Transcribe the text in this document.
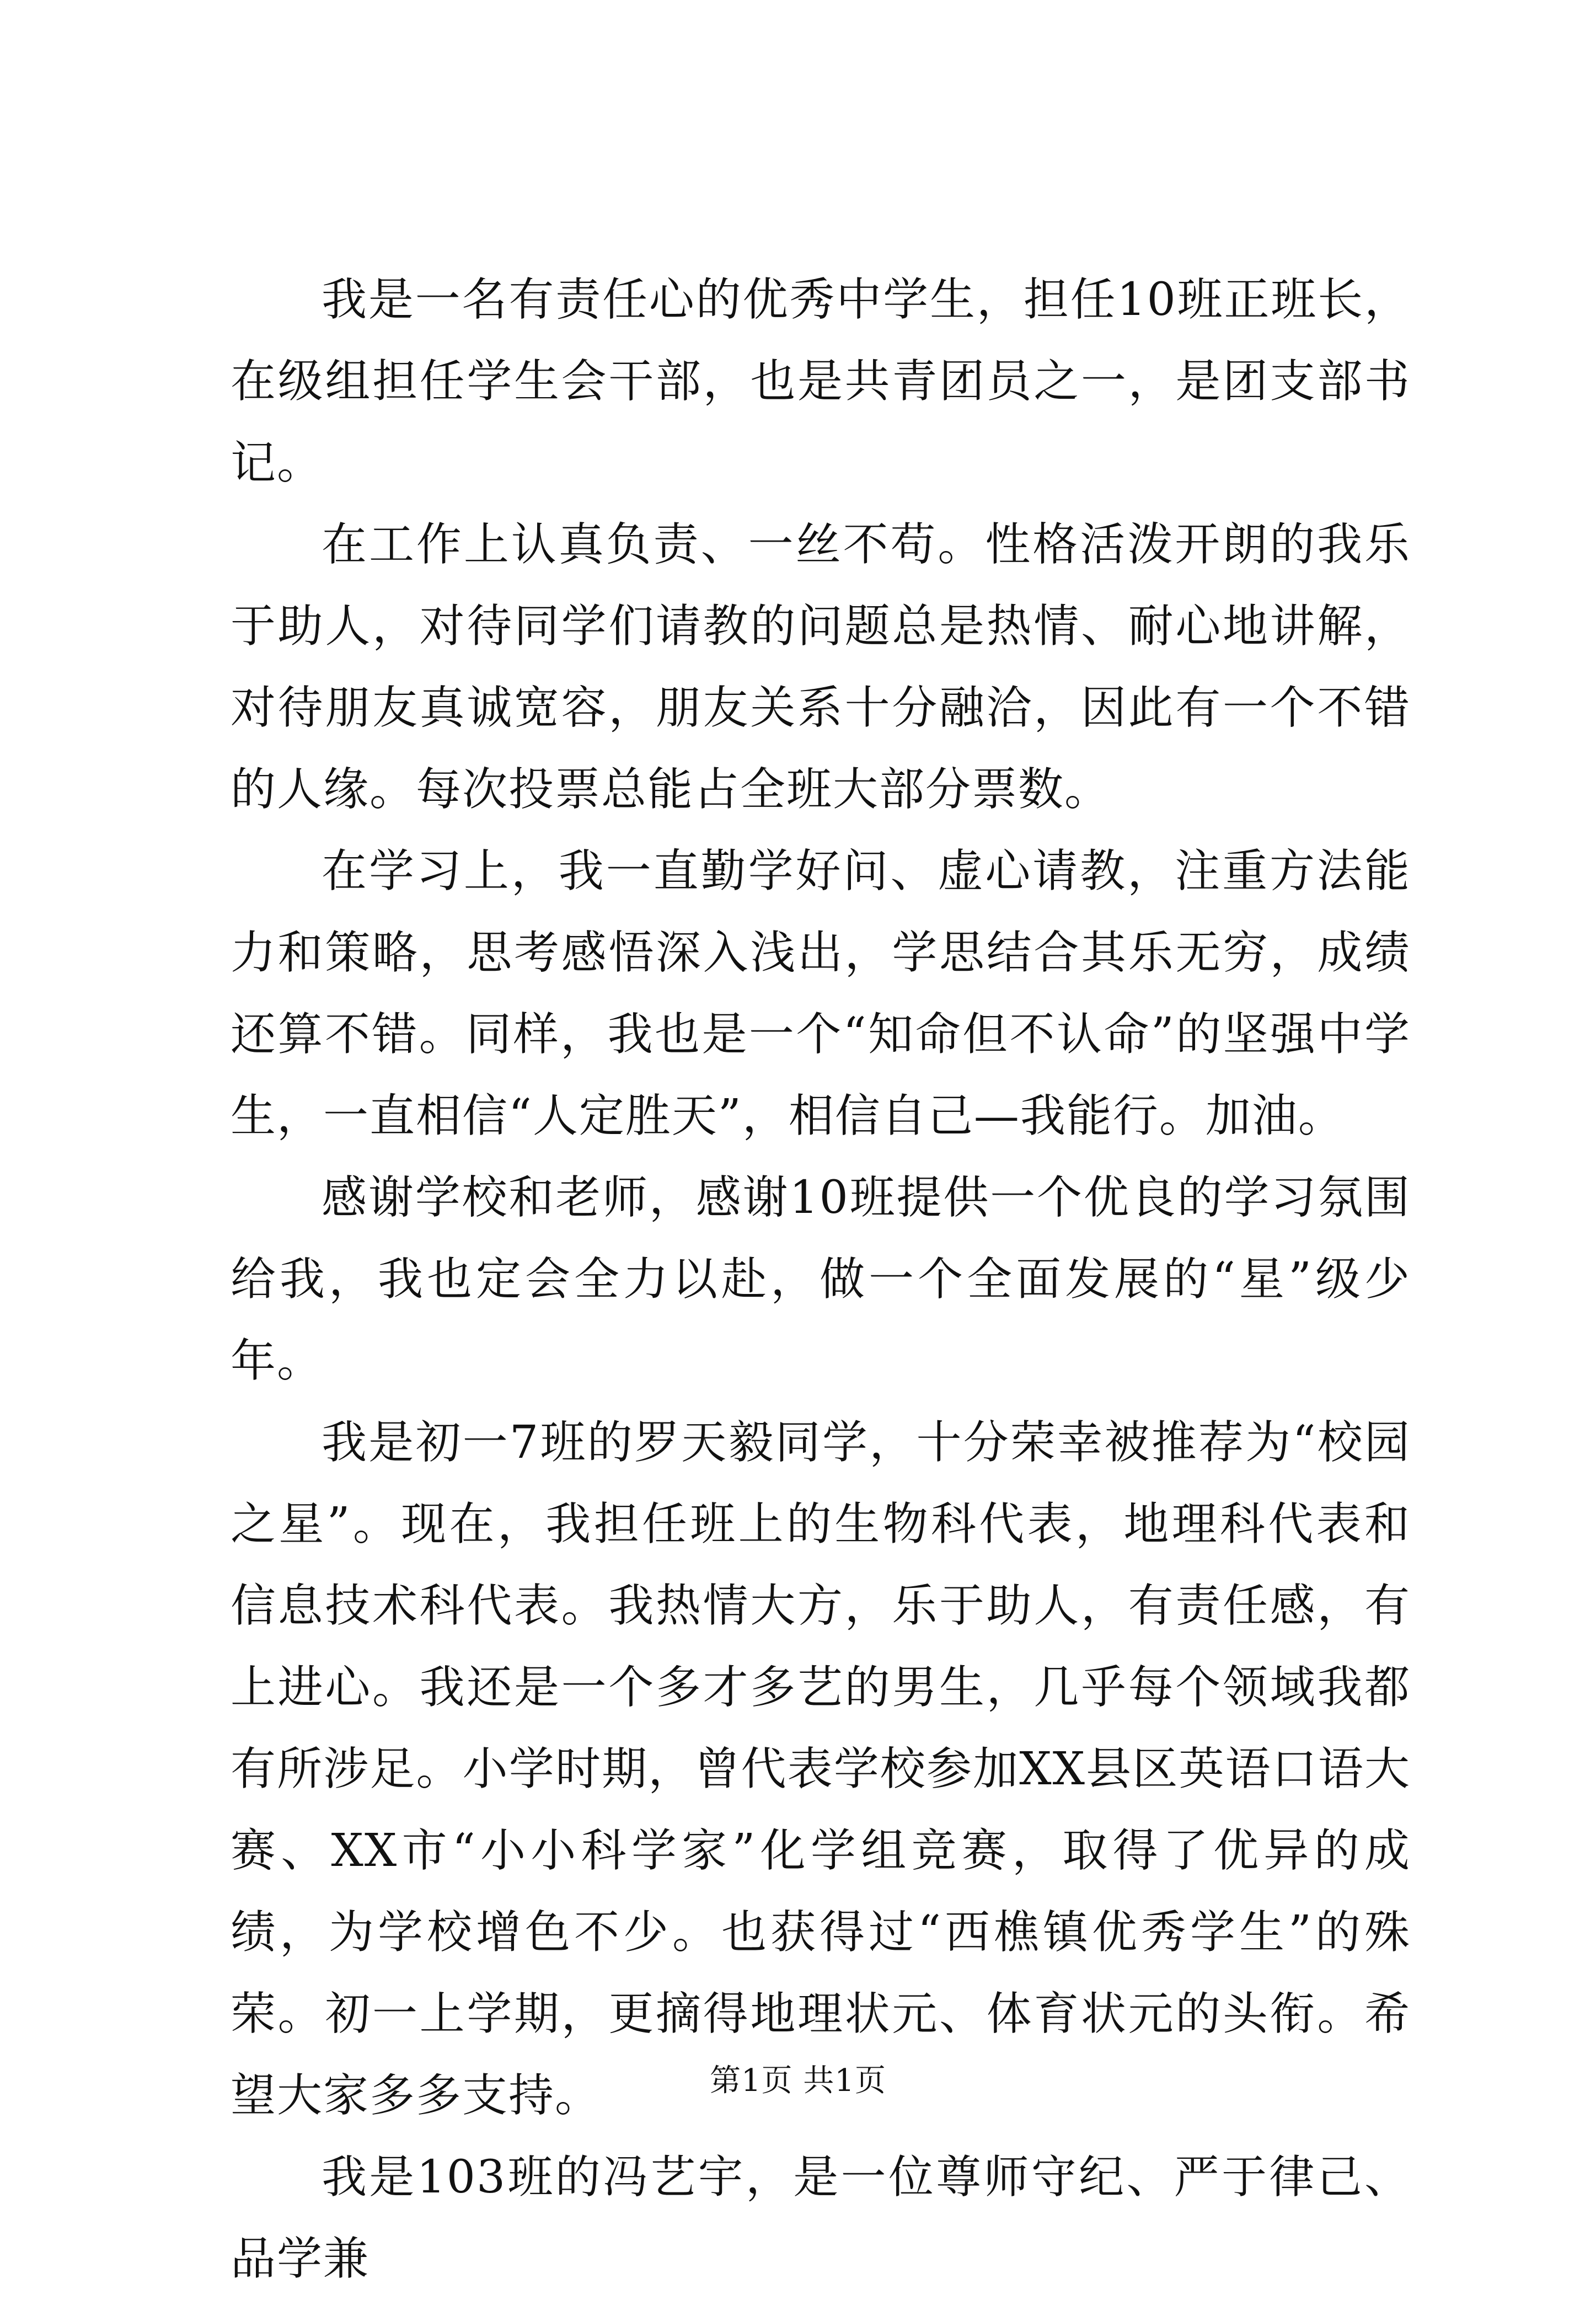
我是一名有责任心的优秀中学生，担任10班正班长，在级组担任学生会干部，也是共青团员之一，是团支部书记。

在工作上认真负责、一丝不苟。性格活泼开朗的我乐于助人，对待同学们请教的问题总是热情、耐心地讲解，对待朋友真诚宽容，朋友关系十分融洽，因此有一个不错的人缘。每次投票总能占全班大部分票数。

在学习上，我一直勤学好问、虚心请教，注重方法能力和策略，思考感悟深入浅出，学思结合其乐无穷，成绩还算不错。同样，我也是一个“知命但不认命”的坚强中学生，一直相信“人定胜天”，相信自己—我能行。加油。

感谢学校和老师，感谢10班提供一个优良的学习氛围给我，我也定会全力以赴，做一个全面发展的“星”级少年。

我是初一7班的罗天毅同学，十分荣幸被推荐为“校园之星”。现在，我担任班上的生物科代表，地理科代表和信息技术科代表。我热情大方，乐于助人，有责任感，有上进心。我还是一个多才多艺的男生，几乎每个领域我都有所涉足。小学时期，曾代表学校参加XX县区英语口语大赛、XX市“小小科学家”化学组竞赛，取得了优异的成绩，为学校增色不少。也获得过“西樵镇优秀学生”的殊荣。初一上学期，更摘得地理状元、体育状元的头衔。希望大家多多支持。

我是103班的冯艺宇，是一位尊师守纪、严于律己、品学兼

第1页 共1页
